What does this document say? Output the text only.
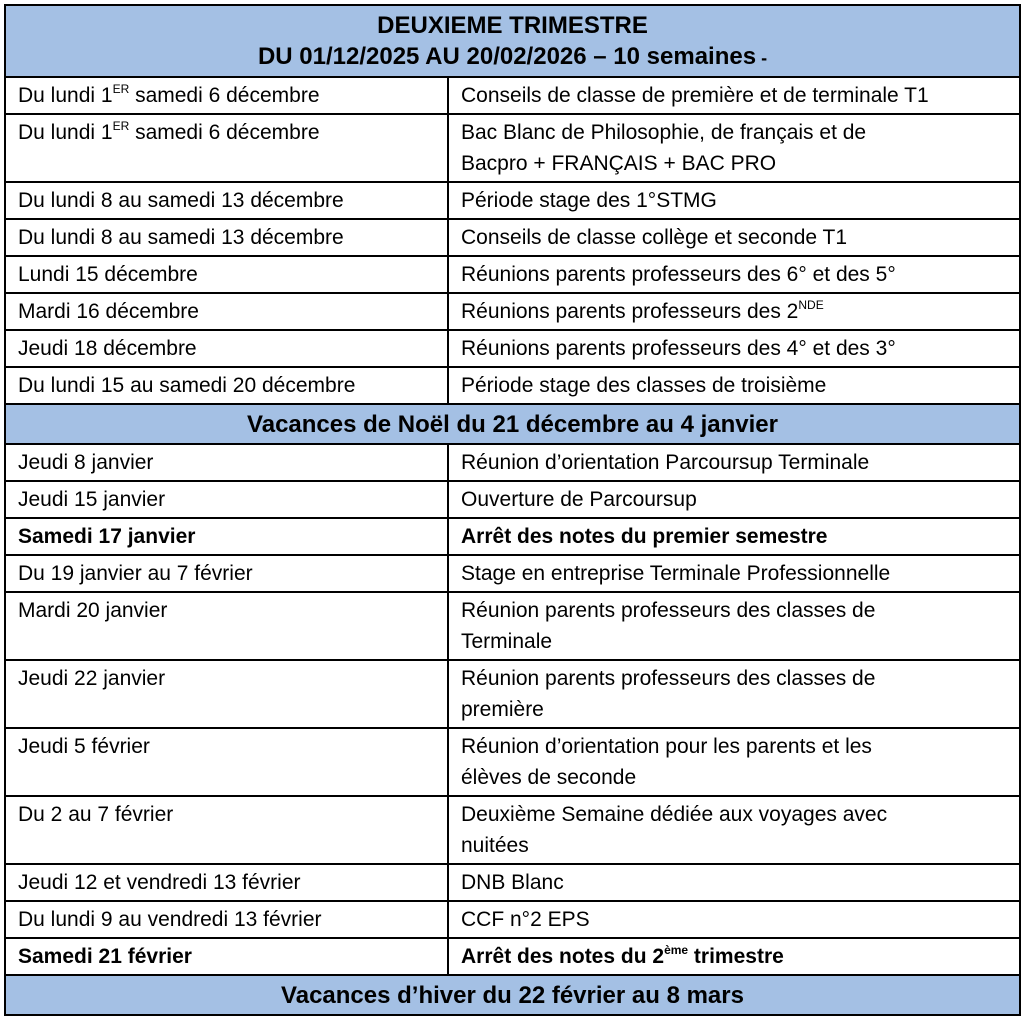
DEUXIEME TRIMESTRE
DU 01/12/2025 AU 20/02/2026 – 10 semaines -	

Du lundi 1ER samedi 6 décembre	Conseils de classe de première et de terminale T1
Du lundi 1ER samedi 6 décembre	Bac Blanc de Philosophie, de français et de
Bacpro + FRANÇAIS + BAC PRO

Du lundi 8 au samedi 13 décembre	Période stage des 1°STMG
Du lundi 8 au samedi 13 décembre	Conseils de classe collège et seconde T1
Lundi 15 décembre	Réunions parents professeurs des 6° et des 5°
Mardi 16 décembre	Réunions parents professeurs des 2NDE
Jeudi 18 décembre	Réunions parents professeurs des 4° et des 3°
Du lundi 15 au samedi 20 décembre	Période stage des classes de troisième
Vacances de Noël du 21 décembre au 4 janvier	
Jeudi 8 janvier	Réunion d’orientation Parcoursup Terminale
Jeudi 15 janvier	Ouverture de Parcoursup
Samedi 17 janvier	Arrêt des notes du premier semestre
Du 19 janvier au 7 février	Stage en entreprise Terminale Professionnelle
Mardi 20 janvier	Réunion parents professeurs des classes de
Terminale

Jeudi 22 janvier	Réunion parents professeurs des classes de
première

Jeudi 5 février	Réunion d’orientation pour les parents et les
élèves de seconde

Du 2 au 7 février	Deuxième Semaine dédiée aux voyages avec
nuitées

Jeudi 12 et vendredi 13 février	DNB Blanc
Du lundi 9 au vendredi 13 février	CCF n°2 EPS
Samedi 21 février	Arrêt des notes du 2ème trimestre
Vacances d’hiver du 22 février au 8 mars	
